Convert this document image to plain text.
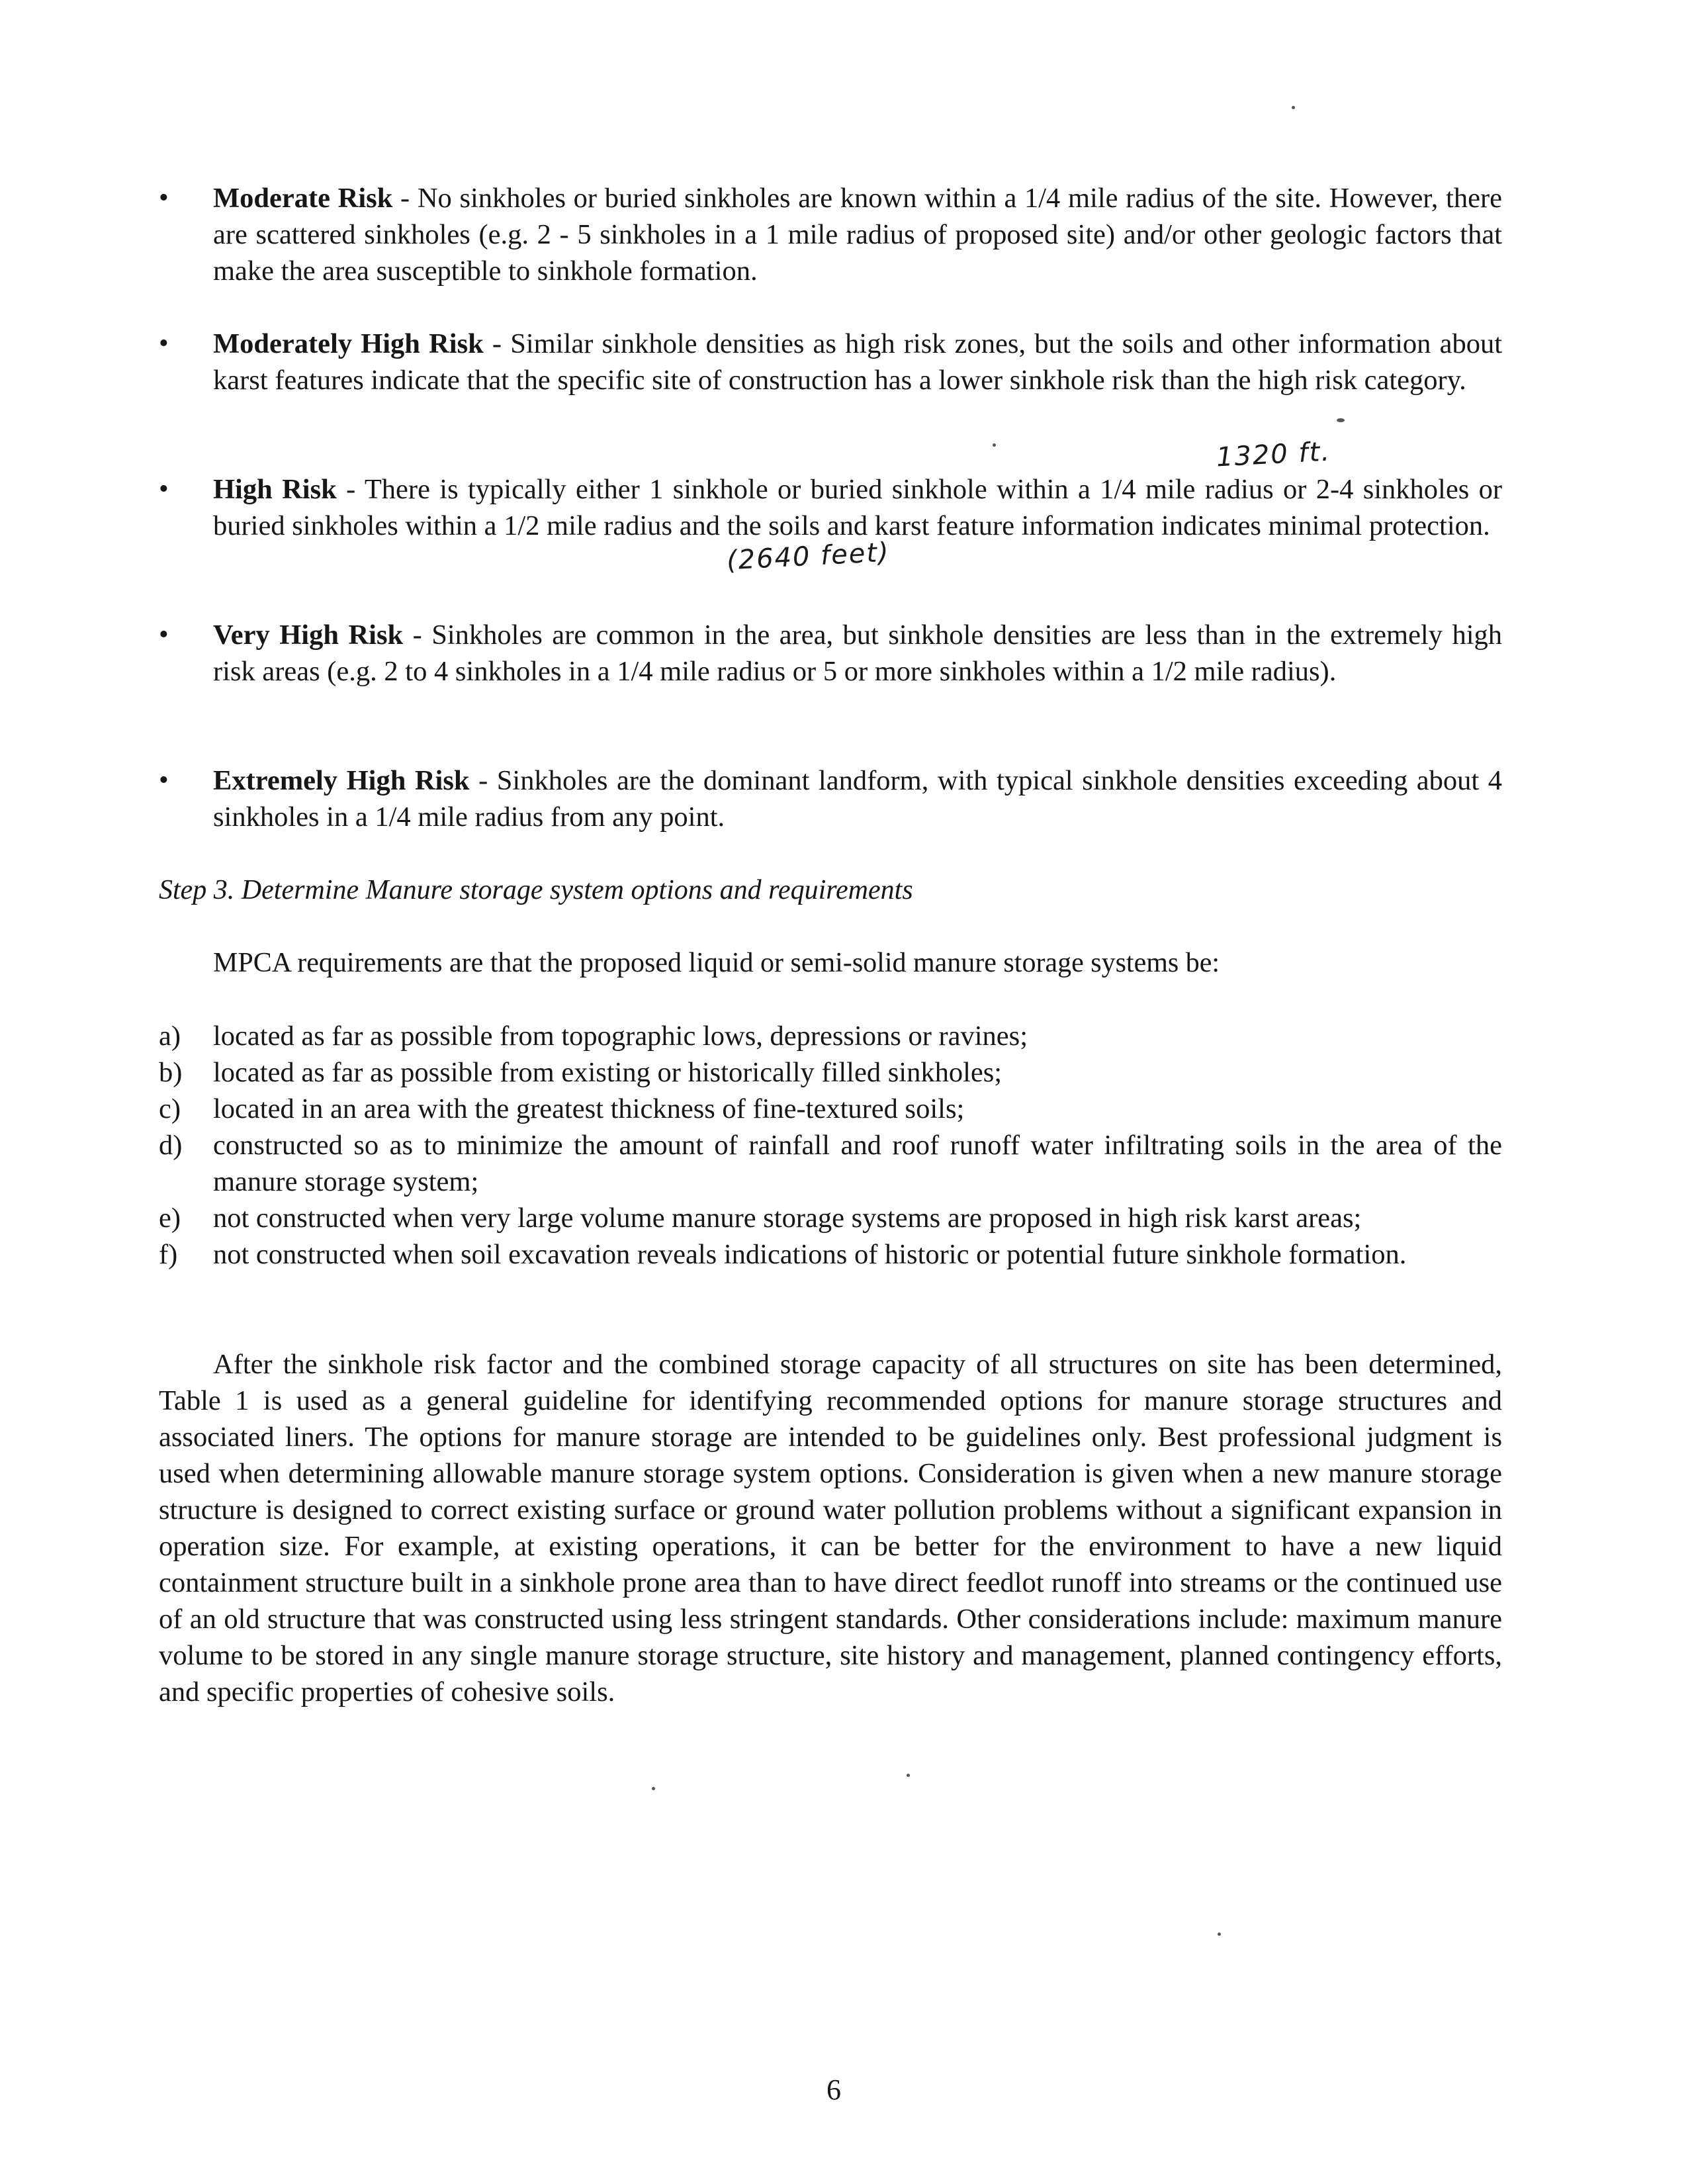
•	Moderate Risk - No sinkholes or buried sinkholes are known within a 1/4 mile radius of the site. However, there are scattered sinkholes (e.g. 2 - 5 sinkholes in a 1 mile radius of proposed site) and/or other geologic factors that make the area susceptible to sinkhole formation.
•	Moderately High Risk - Similar sinkhole densities as high risk zones, but the soils and other information about karst features indicate that the specific site of construction has a lower sinkhole risk than the high risk category.
1320 ft.
•	High Risk - There is typically either 1 sinkhole or buried sinkhole within a 1/4 mile radius or 2-4 sinkholes or buried sinkholes within a 1/2 mile radius and the soils and karst feature information indicates minimal protection.
(2640 feet)
•	Very High Risk - Sinkholes are common in the area, but sinkhole densities are less than in the extremely high risk areas (e.g. 2 to 4 sinkholes in a 1/4 mile radius or 5 or more sinkholes within a 1/2 mile radius).
•	Extremely High Risk - Sinkholes are the dominant landform, with typical sinkhole densities exceeding about 4 sinkholes in a 1/4 mile radius from any point.
Step 3. Determine Manure storage system options and requirements
MPCA requirements are that the proposed liquid or semi-solid manure storage systems be:
a) located as far as possible from topographic lows, depressions or ravines;
b) located as far as possible from existing or historically filled sinkholes;
c) located in an area with the greatest thickness of fine-textured soils;
d) constructed so as to minimize the amount of rainfall and roof runoff water infiltrating soils in the area of the manure storage system;
e) not constructed when very large volume manure storage systems are proposed in high risk karst areas;
f) not constructed when soil excavation reveals indications of historic or potential future sinkhole formation.
After the sinkhole risk factor and the combined storage capacity of all structures on site has been determined, Table 1 is used as a general guideline for identifying recommended options for manure storage structures and associated liners. The options for manure storage are intended to be guidelines only. Best professional judgment is used when determining allowable manure storage system options. Consideration is given when a new manure storage structure is designed to correct existing surface or ground water pollution problems without a significant expansion in operation size. For example, at existing operations, it can be better for the environment to have a new liquid containment structure built in a sinkhole prone area than to have direct feedlot runoff into streams or the continued use of an old structure that was constructed using less stringent standards. Other considerations include: maximum manure volume to be stored in any single manure storage structure, site history and management, planned contingency efforts, and specific properties of cohesive soils.
6
